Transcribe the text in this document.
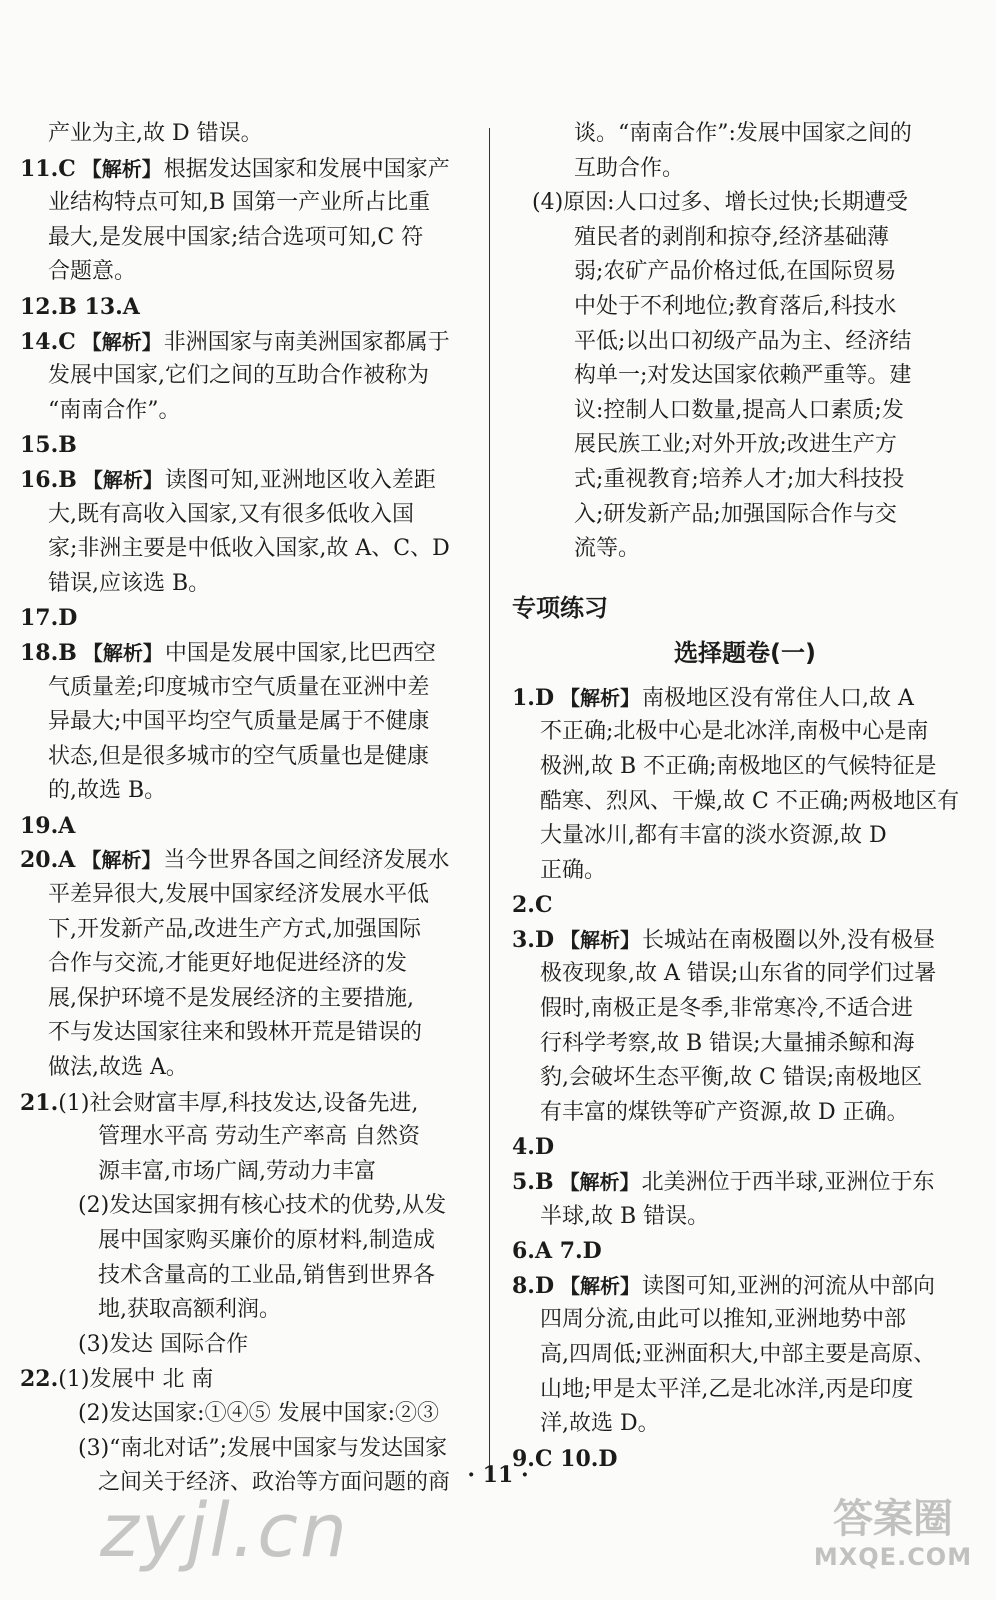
产业为主,故 D 错误。
11.C 【解析】根据发达国家和发展中国家产
业结构特点可知,B 国第一产业所占比重
最大,是发展中国家;结合选项可知,C 符
合题意。
12.B 13.A
14.C 【解析】非洲国家与南美洲国家都属于
发展中国家,它们之间的互助合作被称为
“南南合作”。
15.B
16.B 【解析】读图可知,亚洲地区收入差距
大,既有高收入国家,又有很多低收入国
家;非洲主要是中低收入国家,故 A、C、D
错误,应该选 B。
17.D
18.B 【解析】中国是发展中国家,比巴西空
气质量差;印度城市空气质量在亚洲中差
异最大;中国平均空气质量是属于不健康
状态,但是很多城市的空气质量也是健康
的,故选 B。
19.A
20.A 【解析】当今世界各国之间经济发展水
平差异很大,发展中国家经济发展水平低
下,开发新产品,改进生产方式,加强国际
合作与交流,才能更好地促进经济的发
展,保护环境不是发展经济的主要措施,
不与发达国家往来和毁林开荒是错误的
做法,故选 A。
21.(1)社会财富丰厚,科技发达,设备先进,
管理水平高 劳动生产率高 自然资
源丰富,市场广阔,劳动力丰富
(2)发达国家拥有核心技术的优势,从发
展中国家购买廉价的原材料,制造成
技术含量高的工业品,销售到世界各
地,获取高额利润。
(3)发达 国际合作
22.(1)发展中 北 南
(2)发达国家:①④⑤ 发展中国家:②③
(3)“南北对话”;发展中国家与发达国家
之间关于经济、政治等方面问题的商
谈。“南南合作”:发展中国家之间的
互助合作。
(4)原因:人口过多、增长过快;长期遭受
殖民者的剥削和掠夺,经济基础薄
弱;农矿产品价格过低,在国际贸易
中处于不利地位;教育落后,科技水
平低;以出口初级产品为主、经济结
构单一;对发达国家依赖严重等。建
议:控制人口数量,提高人口素质;发
展民族工业;对外开放;改进生产方
式;重视教育;培养人才;加大科技投
入;研发新产品;加强国际合作与交
流等。
专项练习
选择题卷(一)
1.D 【解析】南极地区没有常住人口,故 A
不正确;北极中心是北冰洋,南极中心是南
极洲,故 B 不正确;南极地区的气候特征是
酷寒、烈风、干燥,故 C 不正确;两极地区有
大量冰川,都有丰富的淡水资源,故 D
正确。
2.C
3.D 【解析】长城站在南极圈以外,没有极昼
极夜现象,故 A 错误;山东省的同学们过暑
假时,南极正是冬季,非常寒冷,不适合进
行科学考察,故 B 错误;大量捕杀鲸和海
豹,会破坏生态平衡,故 C 错误;南极地区
有丰富的煤铁等矿产资源,故 D 正确。
4.D
5.B 【解析】北美洲位于西半球,亚洲位于东
半球,故 B 错误。
6.A 7.D
8.D 【解析】读图可知,亚洲的河流从中部向
四周分流,由此可以推知,亚洲地势中部
高,四周低;亚洲面积大,中部主要是高原、
山地;甲是太平洋,乙是北冰洋,丙是印度
洋,故选 D。
9.C 10.D
· 11 ·
zyjl.cn	答案圈
MXQE.COM
